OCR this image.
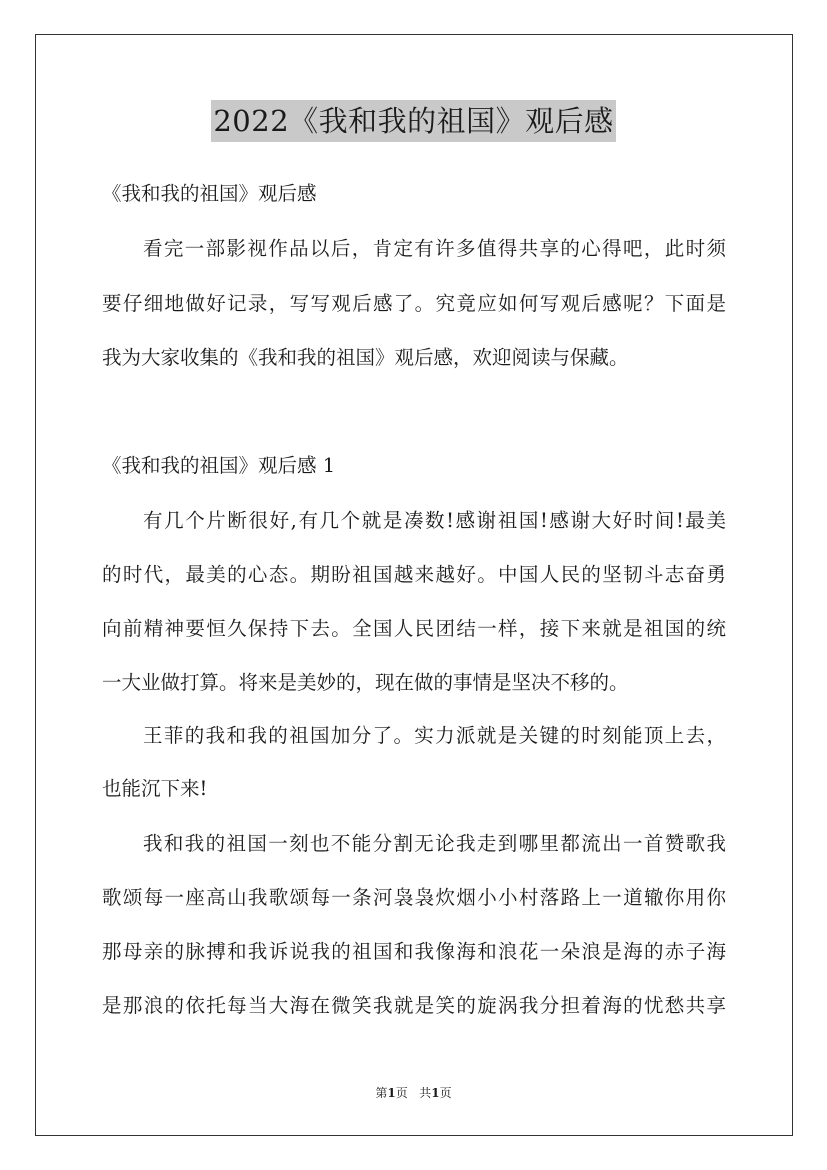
2022《我和我的祖国》观后感

《我和我的祖国》观后感

看完一部影视作品以后，肯定有许多值得共享的心得吧，此时须

要仔细地做好记录，写写观后感了。究竟应如何写观后感呢？下面是

我为大家收集的《我和我的祖国》观后感，欢迎阅读与保藏。

《我和我的祖国》观后感 1

有几个片断很好,有几个就是凑数!感谢祖国!感谢大好时间!最美

的时代，最美的心态。期盼祖国越来越好。中国人民的坚韧斗志奋勇

向前精神要恒久保持下去。全国人民团结一样，接下来就是祖国的统

一大业做打算。将来是美妙的，现在做的事情是坚决不移的。

王菲的我和我的祖国加分了。实力派就是关键的时刻能顶上去，

也能沉下来!

我和我的祖国一刻也不能分割无论我走到哪里都流出一首赞歌我

歌颂每一座高山我歌颂每一条河袅袅炊烟小小村落路上一道辙你用你

那母亲的脉搏和我诉说我的祖国和我像海和浪花一朵浪是海的赤子海

是那浪的依托每当大海在微笑我就是笑的旋涡我分担着海的忧愁共享

第1页   共1页
